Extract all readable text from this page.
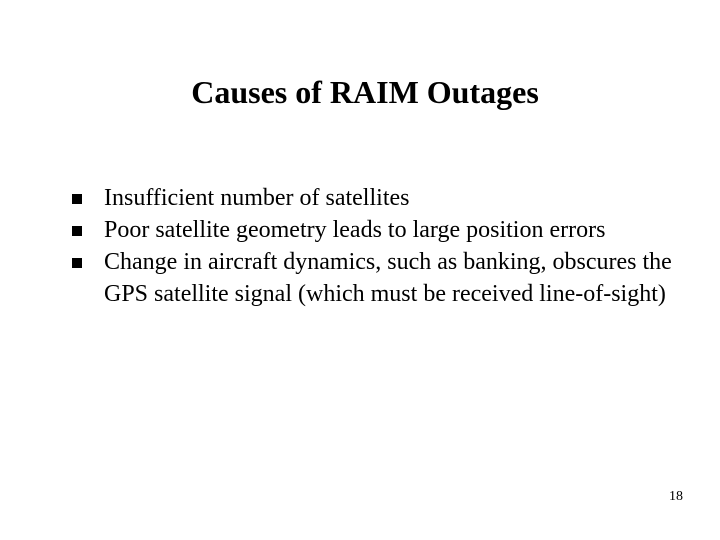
Causes of RAIM Outages
Insufficient number of satellites
Poor satellite geometry leads to large position errors
Change in aircraft dynamics, such as banking, obscures the GPS satellite signal (which must be received line-of-sight)
18
